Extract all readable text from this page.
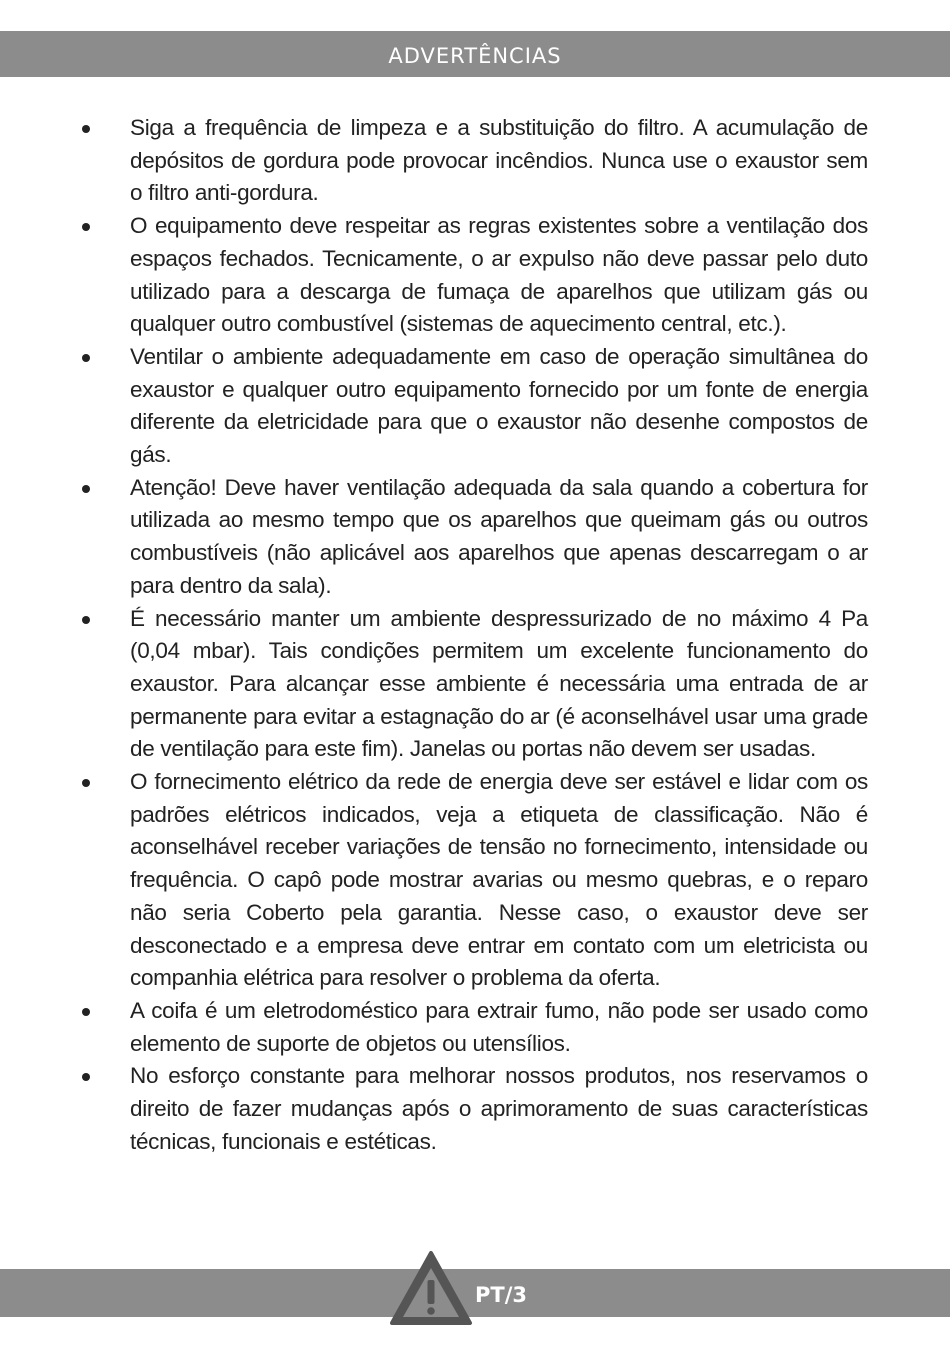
ADVERTÊNCIAS
Siga a frequência de limpeza e a substituição do filtro. A acumulação de depósitos de gordura pode provocar incêndios. Nunca use o exaustor sem o filtro anti-gordura.
O equipamento deve respeitar as regras existentes sobre a ventilação dos espaços fechados. Tecnicamente, o ar expulso não deve passar pelo duto utilizado para a descarga de fumaça de aparelhos que utilizam gás ou qualquer outro combustível (sistemas de aquecimento central, etc.).
Ventilar o ambiente adequadamente em caso de operação simultânea do exaustor e qualquer outro equipamento fornecido por um fonte de energia diferente da eletricidade para que o exaustor não desenhe compostos de gás.
Atenção! Deve haver ventilação adequada da sala quando a cobertura for utilizada ao mesmo tempo que os aparelhos que queimam gás ou outros combustíveis (não aplicável aos aparelhos que apenas descarregam o ar para dentro da sala).
É necessário manter um ambiente despressurizado de no máximo 4 Pa (0,04 mbar). Tais condições permitem um excelente funcionamento do exaustor. Para alcançar esse ambiente é necessária uma entrada de ar permanente para evitar a estagnação do ar (é aconselhável usar uma grade de ventilação para este fim). Janelas ou portas não devem ser usadas.
O fornecimento elétrico da rede de energia deve ser estável e lidar com os padrões elétricos indicados, veja a etiqueta de classificação. Não é aconselhável receber variações de tensão no fornecimento, intensidade ou frequência. O capô pode mostrar avarias ou mesmo quebras, e o reparo não seria Coberto pela garantia. Nesse caso, o exaustor deve ser desconectado e a empresa deve entrar em contato com um eletricista ou companhia elétrica para resolver o problema da oferta.
A coifa é um eletrodoméstico para extrair fumo, não pode ser usado como elemento de suporte de objetos ou utensílios.
No esforço constante para melhorar nossos produtos, nos reservamos o direito de fazer mudanças após o aprimoramento de suas características técnicas, funcionais e estéticas.
PT/3
